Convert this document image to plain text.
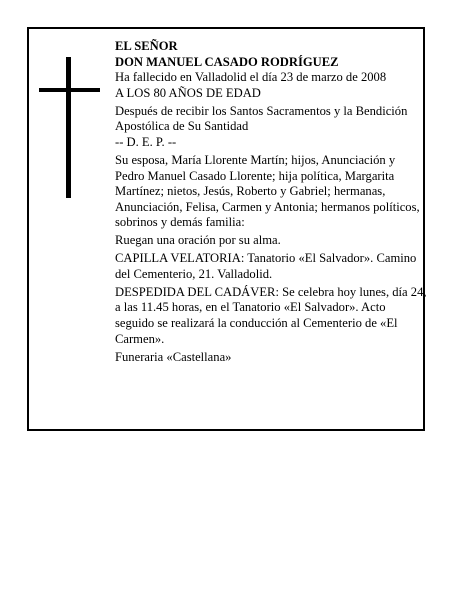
EL SEÑOR

DON MANUEL CASADO RODRÍGUEZ

Ha fallecido en Valladolid el día 23 de marzo de 2008

A LOS 80 AÑOS DE EDAD

Después de recibir los Santos Sacramentos y la Bendición Apostólica de Su Santidad

-- D. E. P. --

Su esposa, María Llorente Martín; hijos, Anunciación y Pedro Manuel Casado Llorente; hija política, Margarita Martínez; nietos, Jesús, Roberto y Gabriel; hermanas, Anunciación, Felisa, Carmen y Antonia; hermanos políticos, sobrinos y demás familia:

Ruegan una oración por su alma.

CAPILLA VELATORIA: Tanatorio «El Salvador». Camino del Cementerio, 21. Valladolid.

DESPEDIDA DEL CADÁVER: Se celebra hoy lunes, día 24, a las 11.45 horas, en el Tanatorio «El Salvador». Acto seguido se realizará la conducción al Cementerio de «El Carmen».

Funeraria «Castellana»
